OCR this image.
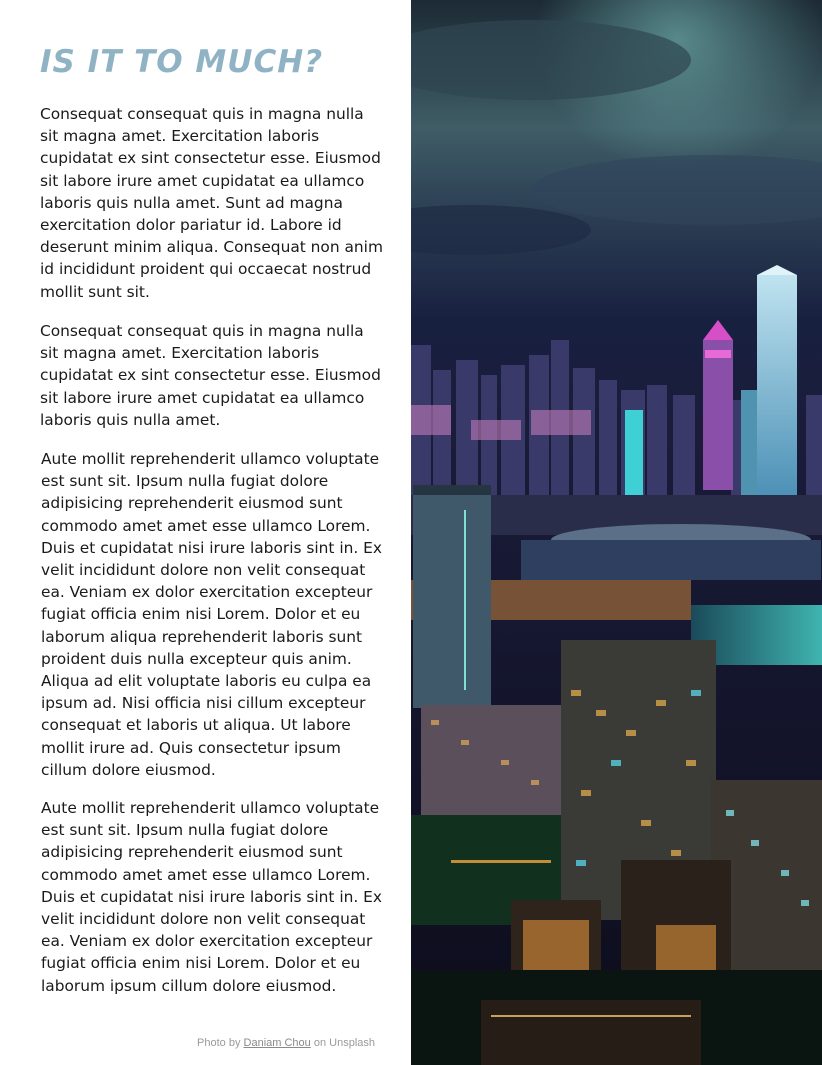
IS IT TO MUCH?

Consequat consequat quis in magna nulla sit magna amet. Exercitation laboris cupidatat ex sint consectetur esse. Eiusmod sit labore irure amet cupidatat ea ullamco laboris quis nulla amet. Sunt ad magna exercitation dolor pariatur id. Labore id deserunt minim aliqua. Consequat non anim id incididunt proident qui occaecat nostrud mollit sunt sit.

Consequat consequat quis in magna nulla sit magna amet. Exercitation laboris cupidatat ex sint consectetur esse. Eiusmod sit labore irure amet cupidatat ea ullamco laboris quis nulla amet.

Aute mollit reprehenderit ullamco voluptate est sunt sit. Ipsum nulla fugiat dolore adipisicing reprehenderit eiusmod sunt commodo amet amet esse ullamco Lorem. Duis et cupidatat nisi irure laboris sint in. Ex velit incididunt dolore non velit consequat ea. Veniam ex dolor exercitation excepteur fugiat officia enim nisi Lorem. Dolor et eu laborum aliqua reprehenderit laboris sunt proident duis nulla excepteur quis anim. Aliqua ad elit voluptate laboris eu culpa ea ipsum ad. Nisi officia nisi cillum excepteur consequat et laboris ut aliqua. Ut labore mollit irure ad. Quis consectetur ipsum cillum dolore eiusmod.

Aute mollit reprehenderit ullamco voluptate est sunt sit. Ipsum nulla fugiat dolore adipisicing reprehenderit eiusmod sunt commodo amet amet esse ullamco Lorem. Duis et cupidatat nisi irure laboris sint in. Ex velit incididunt dolore non velit consequat ea. Veniam ex dolor exercitation excepteur fugiat officia enim nisi Lorem. Dolor et eu laborum ipsum cillum dolore eiusmod.

Photo by Daniam Chou on Unsplash
